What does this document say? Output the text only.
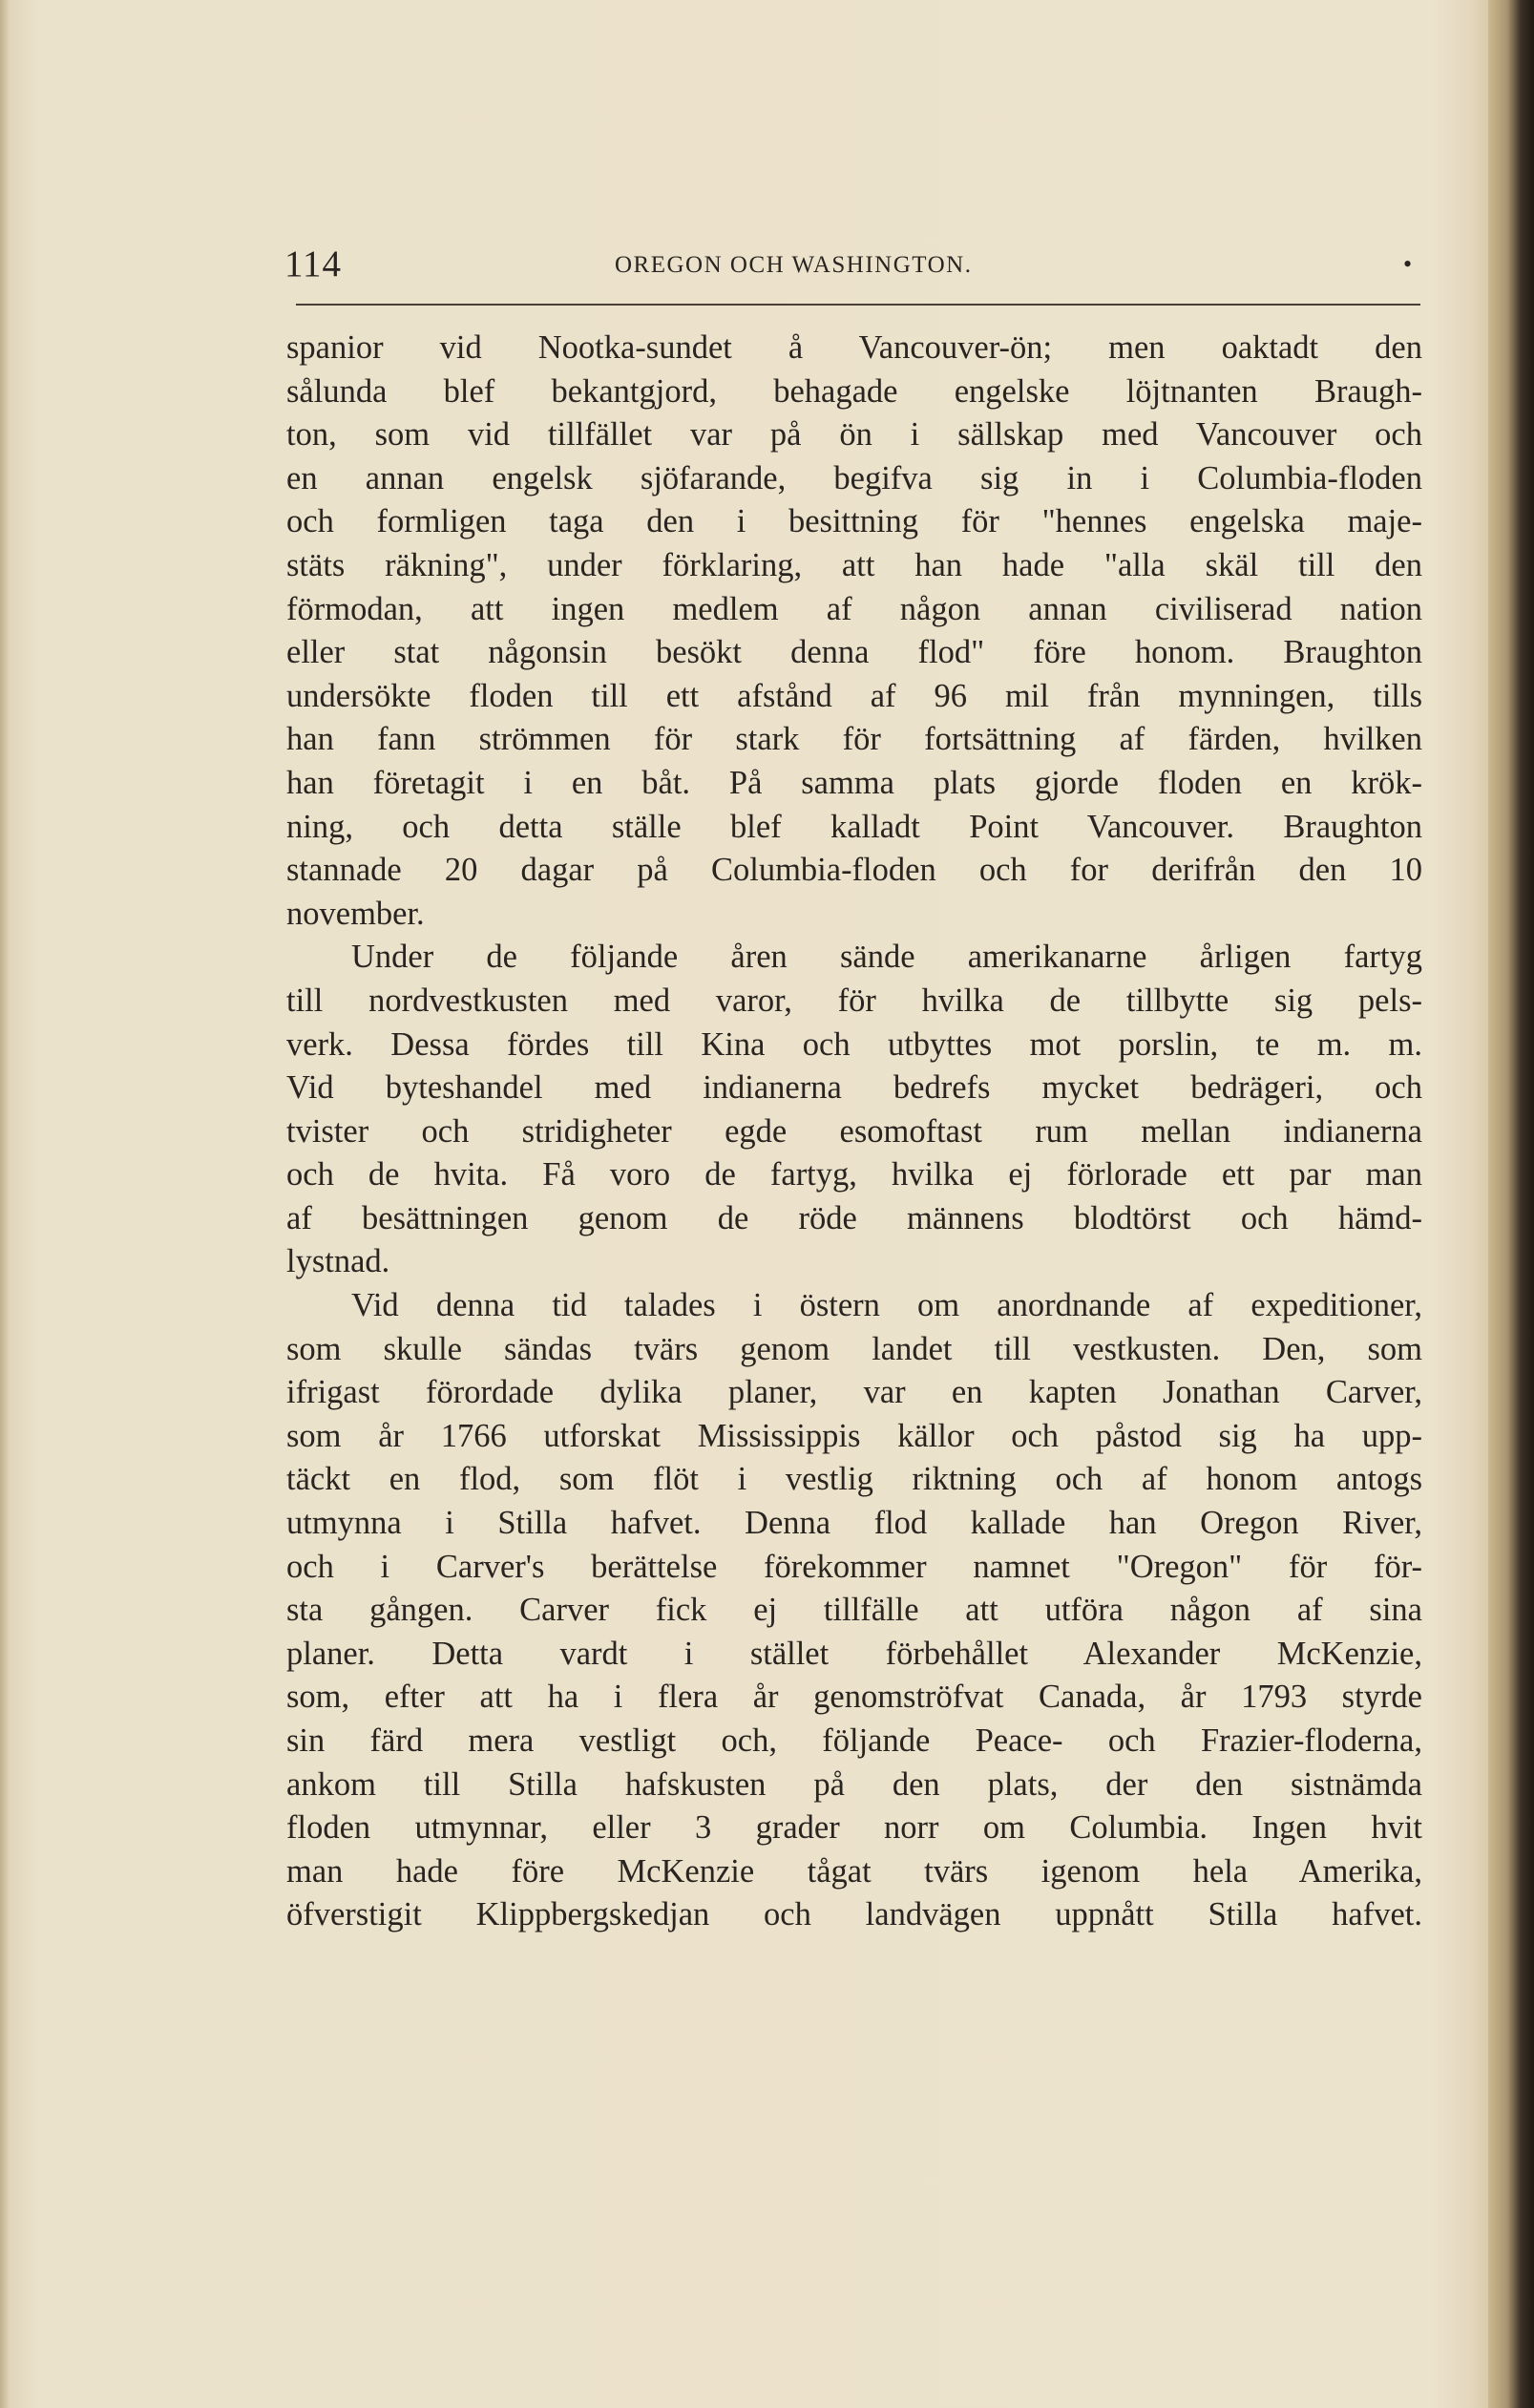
114	OREGON OCH WASHINGTON.	•
spanior vid Nootka-sundet å Vancouver-ön; men oaktadt den
sålunda blef bekantgjord, behagade engelske löjtnanten Braugh-
ton, som vid tillfället var på ön i sällskap med Vancouver och
en annan engelsk sjöfarande, begifva sig in i Columbia-floden
och formligen taga den i besittning för "hennes engelska maje-
stäts räkning", under förklaring, att han hade "alla skäl till den
förmodan, att ingen medlem af någon annan civiliserad nation
eller stat någonsin besökt denna flod" före honom. Braughton
undersökte floden till ett afstånd af 96 mil från mynningen, tills
han fann strömmen för stark för fortsättning af färden, hvilken
han företagit i en båt. På samma plats gjorde floden en krök-
ning, och detta ställe blef kalladt Point Vancouver. Braughton
stannade 20 dagar på Columbia-floden och for derifrån den 10
november.
Under de följande åren sände amerikanarne årligen fartyg
till nordvestkusten med varor, för hvilka de tillbytte sig pels-
verk. Dessa fördes till Kina och utbyttes mot porslin, te m. m.
Vid byteshandel med indianerna bedrefs mycket bedrägeri, och
tvister och stridigheter egde esomoftast rum mellan indianerna
och de hvita. Få voro de fartyg, hvilka ej förlorade ett par man
af besättningen genom de röde männens blodtörst och hämd-
lystnad.
Vid denna tid talades i östern om anordnande af expeditioner,
som skulle sändas tvärs genom landet till vestkusten. Den, som
ifrigast förordade dylika planer, var en kapten Jonathan Carver,
som år 1766 utforskat Mississippis källor och påstod sig ha upp-
täckt en flod, som flöt i vestlig riktning och af honom antogs
utmynna i Stilla hafvet. Denna flod kallade han Oregon River,
och i Carver's berättelse förekommer namnet "Oregon" för för-
sta gången. Carver fick ej tillfälle att utföra någon af sina
planer. Detta vardt i stället förbehållet Alexander McKenzie,
som, efter att ha i flera år genomströfvat Canada, år 1793 styrde
sin färd mera vestligt och, följande Peace- och Frazier-floderna,
ankom till Stilla hafskusten på den plats, der den sistnämda
floden utmynnar, eller 3 grader norr om Columbia. Ingen hvit
man hade före McKenzie tågat tvärs igenom hela Amerika,
öfverstigit Klippbergskedjan och landvägen uppnått Stilla hafvet.
